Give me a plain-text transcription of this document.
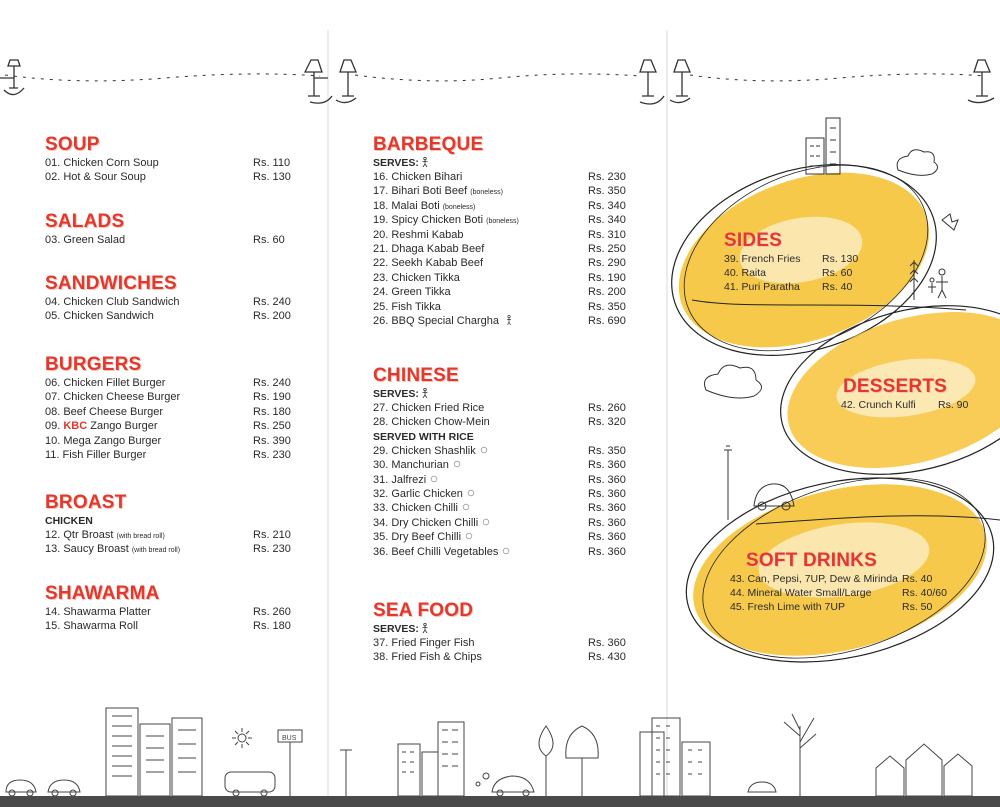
BUS
SOUP
01. Chicken Corn Soup	Rs. 110
02. Hot & Sour Soup	Rs. 130
SALADS
03. Green Salad	Rs. 60
SANDWICHES
04. Chicken Club Sandwich	Rs. 240
05. Chicken Sandwich	Rs. 200
BURGERS
06. Chicken Fillet Burger	Rs. 240
07. Chicken Cheese Burger	Rs. 190
08. Beef Cheese Burger	Rs. 180
09. KBC Zango Burger	Rs. 250
10. Mega Zango Burger	Rs. 390
11. Fish Filler Burger	Rs. 230
BROAST
CHICKEN
12. Qtr Broast (with bread roll)	Rs. 210
13. Saucy Broast (with bread roll)	Rs. 230
SHAWARMA
14. Shawarma Platter	Rs. 260
15. Shawarma Roll	Rs. 180
BARBEQUE
SERVES:
16. Chicken Bihari	Rs. 230
17. Bihari Boti Beef (boneless)	Rs. 350
18. Malai Boti (boneless)	Rs. 340
19. Spicy Chicken Boti (boneless)	Rs. 340
20. Reshmi Kabab	Rs. 310
21. Dhaga Kabab Beef	Rs. 250
22. Seekh Kabab Beef	Rs. 290
23. Chicken Tikka	Rs. 190
24. Green Tikka	Rs. 200
25. Fish Tikka	Rs. 350
26. BBQ Special Chargha	Rs. 690
CHINESE
SERVES:
27. Chicken Fried Rice	Rs. 260
28. Chicken Chow-Mein	Rs. 320
SERVED WITH RICE
29. Chicken Shashlik	Rs. 350
30. Manchurian	Rs. 360
31. Jalfrezi	Rs. 360
32. Garlic Chicken	Rs. 360
33. Chicken Chilli	Rs. 360
34. Dry Chicken Chilli	Rs. 360
35. Dry Beef Chilli	Rs. 360
36. Beef Chilli Vegetables	Rs. 360
SEA FOOD
SERVES:
37. Fried Finger Fish	Rs. 360
38. Fried Fish & Chips	Rs. 430
SIDES
39. French Fries Rs. 130
40. Raita	Rs. 60
41. Puri Paratha Rs. 40
DESSERTS
42. Crunch Kulfi Rs. 90
SOFT DRINKS
43. Can, Pepsi, 7UP, Dew & Mirinda Rs. 40
44. Mineral Water Small/Large	Rs. 40/60
45. Fresh Lime with 7UP	Rs. 50
